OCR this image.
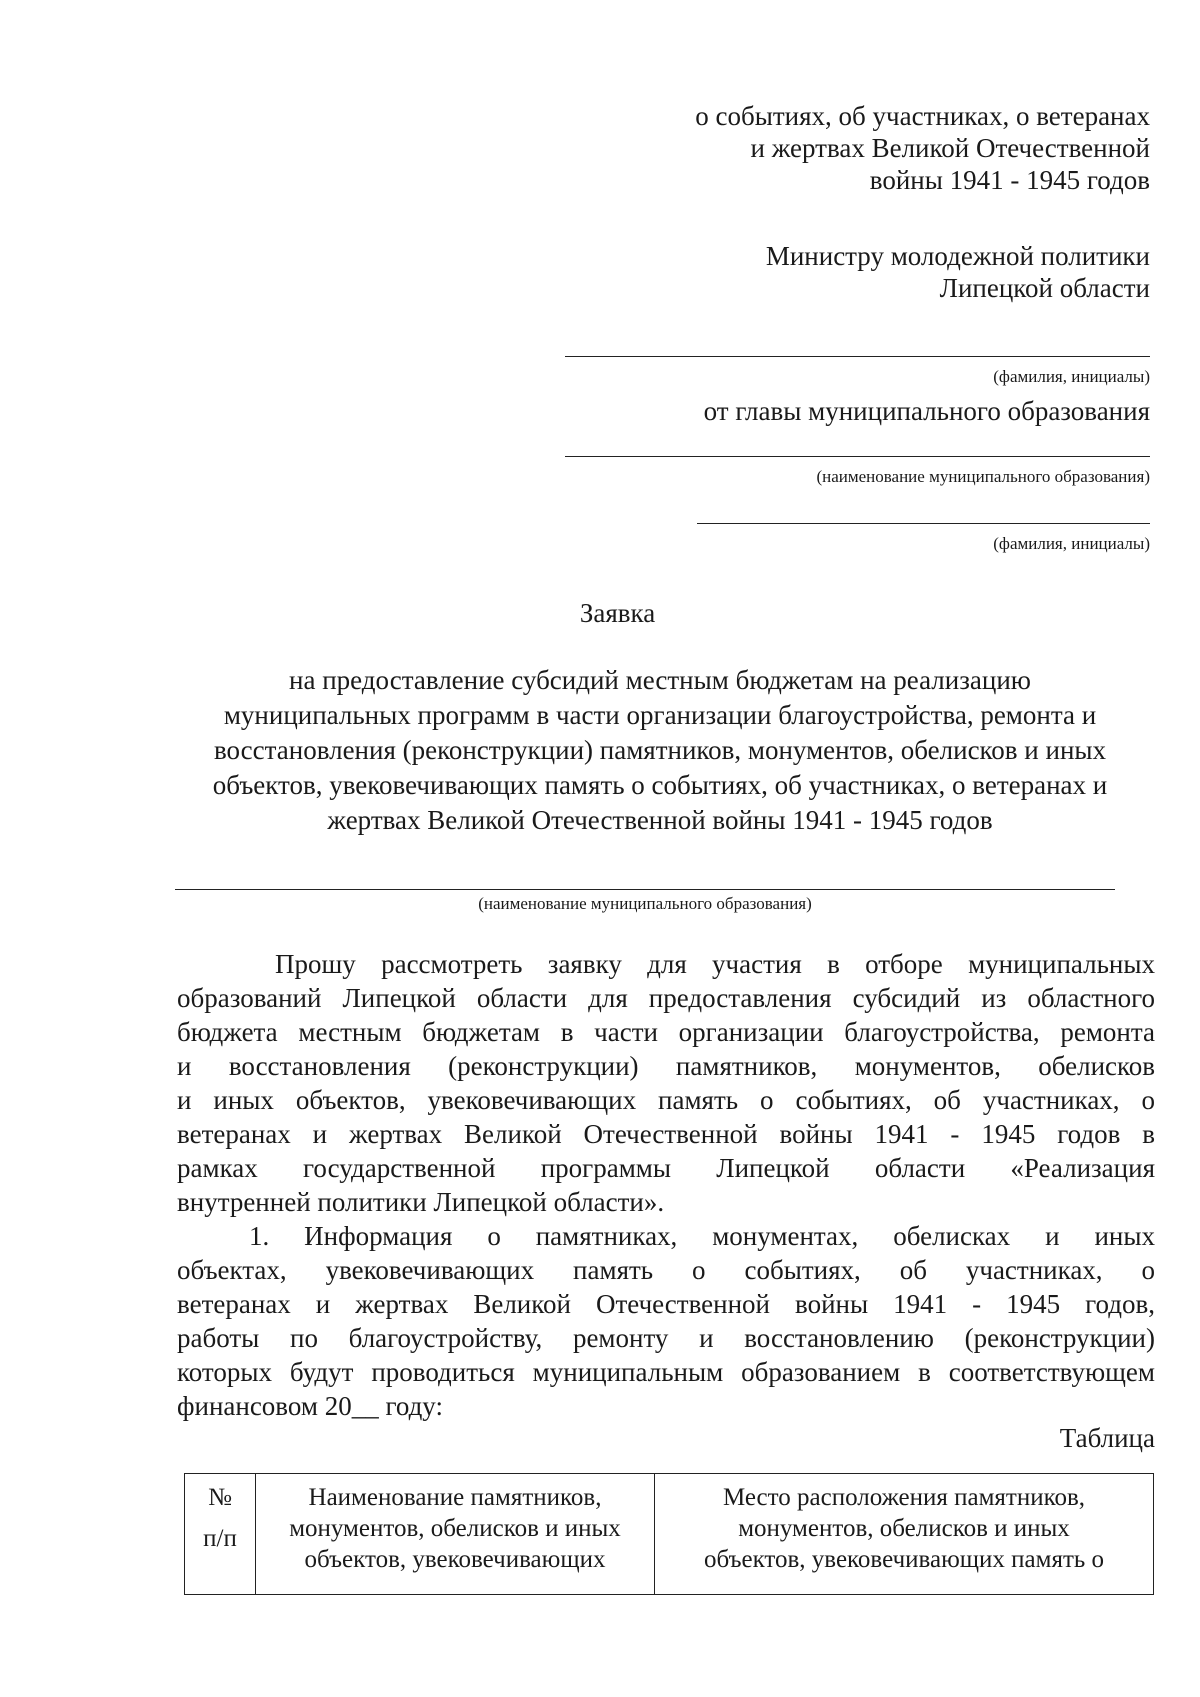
о событиях, об участниках, о ветеранах
и жертвах Великой Отечественной
войны 1941 - 1945 годов
Министру молодежной политики
Липецкой области
(фамилия, инициалы)
от главы муниципального образования
(наименование муниципального образования)
(фамилия, инициалы)
Заявка
на предоставление субсидий местным бюджетам на реализацию
муниципальных программ в части организации благоустройства, ремонта и
восстановления (реконструкции) памятников, монументов, обелисков и иных
объектов, увековечивающих память о событиях, об участниках, о ветеранах и
жертвах Великой Отечественной войны 1941 - 1945 годов
(наименование муниципального образования)
Прошу рассмотреть заявку для участия в отборе муниципальных
образований Липецкой области для предоставления субсидий из областного
бюджета местным бюджетам в части организации благоустройства, ремонта
и восстановления (реконструкции) памятников, монументов, обелисков
и иных объектов, увековечивающих память о событиях, об участниках, о
ветеранах и жертвах Великой Отечественной войны 1941 - 1945 годов в
рамках государственной программы Липецкой области «Реализация
внутренней политики Липецкой области».
1. Информация о памятниках, монументах, обелисках и иных
объектах, увековечивающих память о событиях, об участниках, о
ветеранах и жертвах Великой Отечественной войны 1941 - 1945 годов,
работы по благоустройству, ремонту и восстановлению (реконструкции)
которых будут проводиться муниципальным образованием в соответствующем
финансовом 20__ году:
Таблица
№
п/п

Наименование памятников,
монументов, обелисков и иных
объектов, увековечивающих

Место расположения памятников,
монументов, обелисков и иных
объектов, увековечивающих память о
